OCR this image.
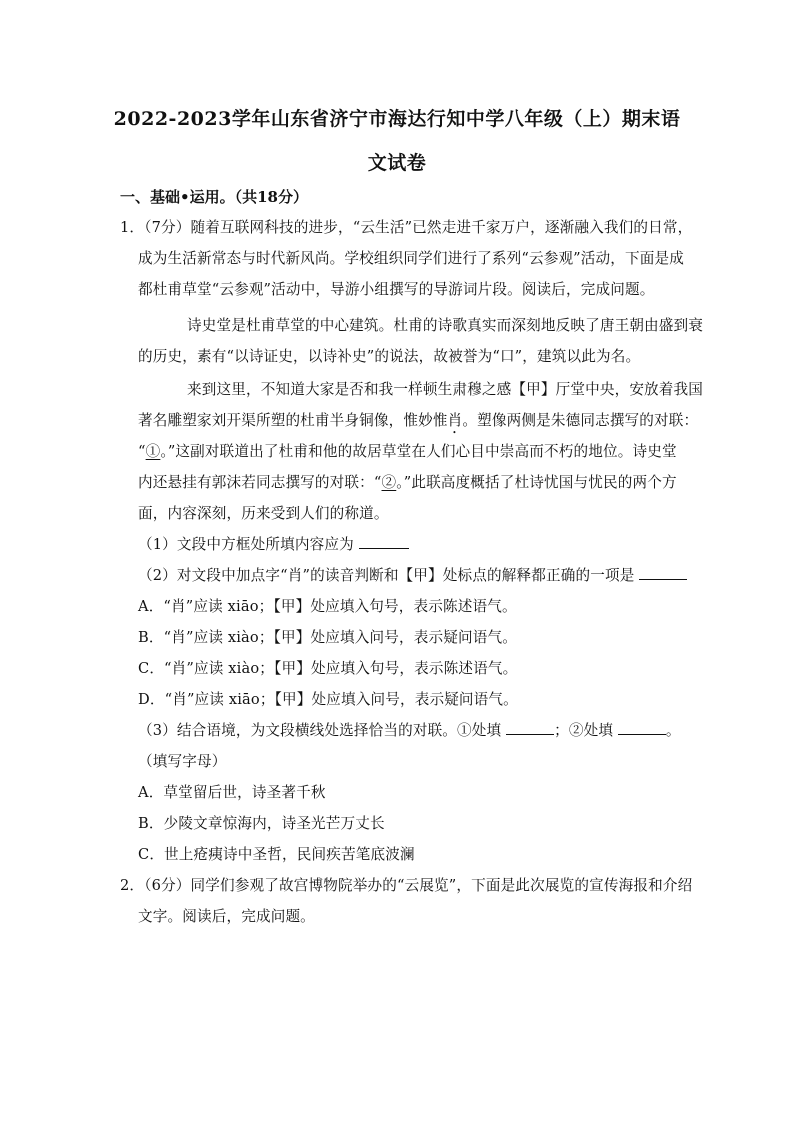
2022-2023学年山东省济宁市海达行知中学八年级（上）期末语
文试卷
一、基础•运用。（共18分）
1．（7分）随着互联网科技的进步，“云生活”已然走进千家万户，逐渐融入我们的日常，
成为生活新常态与时代新风尚。学校组织同学们进行了系列“云参观”活动，下面是成
都杜甫草堂“云参观”活动中，导游小组撰写的导游词片段。阅读后，完成问题。
诗史堂是杜甫草堂的中心建筑。杜甫的诗歌真实而深刻地反映了唐王朝由盛到衰
的历史，素有“以诗证史，以诗补史”的说法，故被誉为“口”，建筑以此为名。
来到这里，不知道大家是否和我一样顿生肃穆之感【甲】厅堂中央，安放着我国
著名雕塑家刘开渠所塑的杜甫半身铜像，惟妙惟肖。塑像两侧是朱德同志撰写的对联：
“①。”这副对联道出了杜甫和他的故居草堂在人们心目中崇高而不朽的地位。诗史堂
内还悬挂有郭沫若同志撰写的对联：“②。”此联高度概括了杜诗忧国与忧民的两个方
面，内容深刻，历来受到人们的称道。
（1）文段中方框处所填内容应为
（2）对文段中加点字“肖”的读音判断和【甲】处标点的解释都正确的一项是
A．“肖”应读 xiāo；【甲】处应填入句号，表示陈述语气。
B．“肖”应读 xiào；【甲】处应填入问号，表示疑问语气。
C．“肖”应读 xiào；【甲】处应填入句号，表示陈述语气。
D．“肖”应读 xiāo；【甲】处应填入问号，表示疑问语气。
（3）结合语境，为文段横线处选择恰当的对联。①处填	；②处填	。
（填写字母）
A．草堂留后世，诗圣著千秋
B．少陵文章惊海内，诗圣光芒万丈长
C．世上疮痍诗中圣哲，民间疾苦笔底波澜
2．（6分）同学们参观了故宫博物院举办的“云展览”，下面是此次展览的宣传海报和介绍
文字。阅读后，完成问题。
